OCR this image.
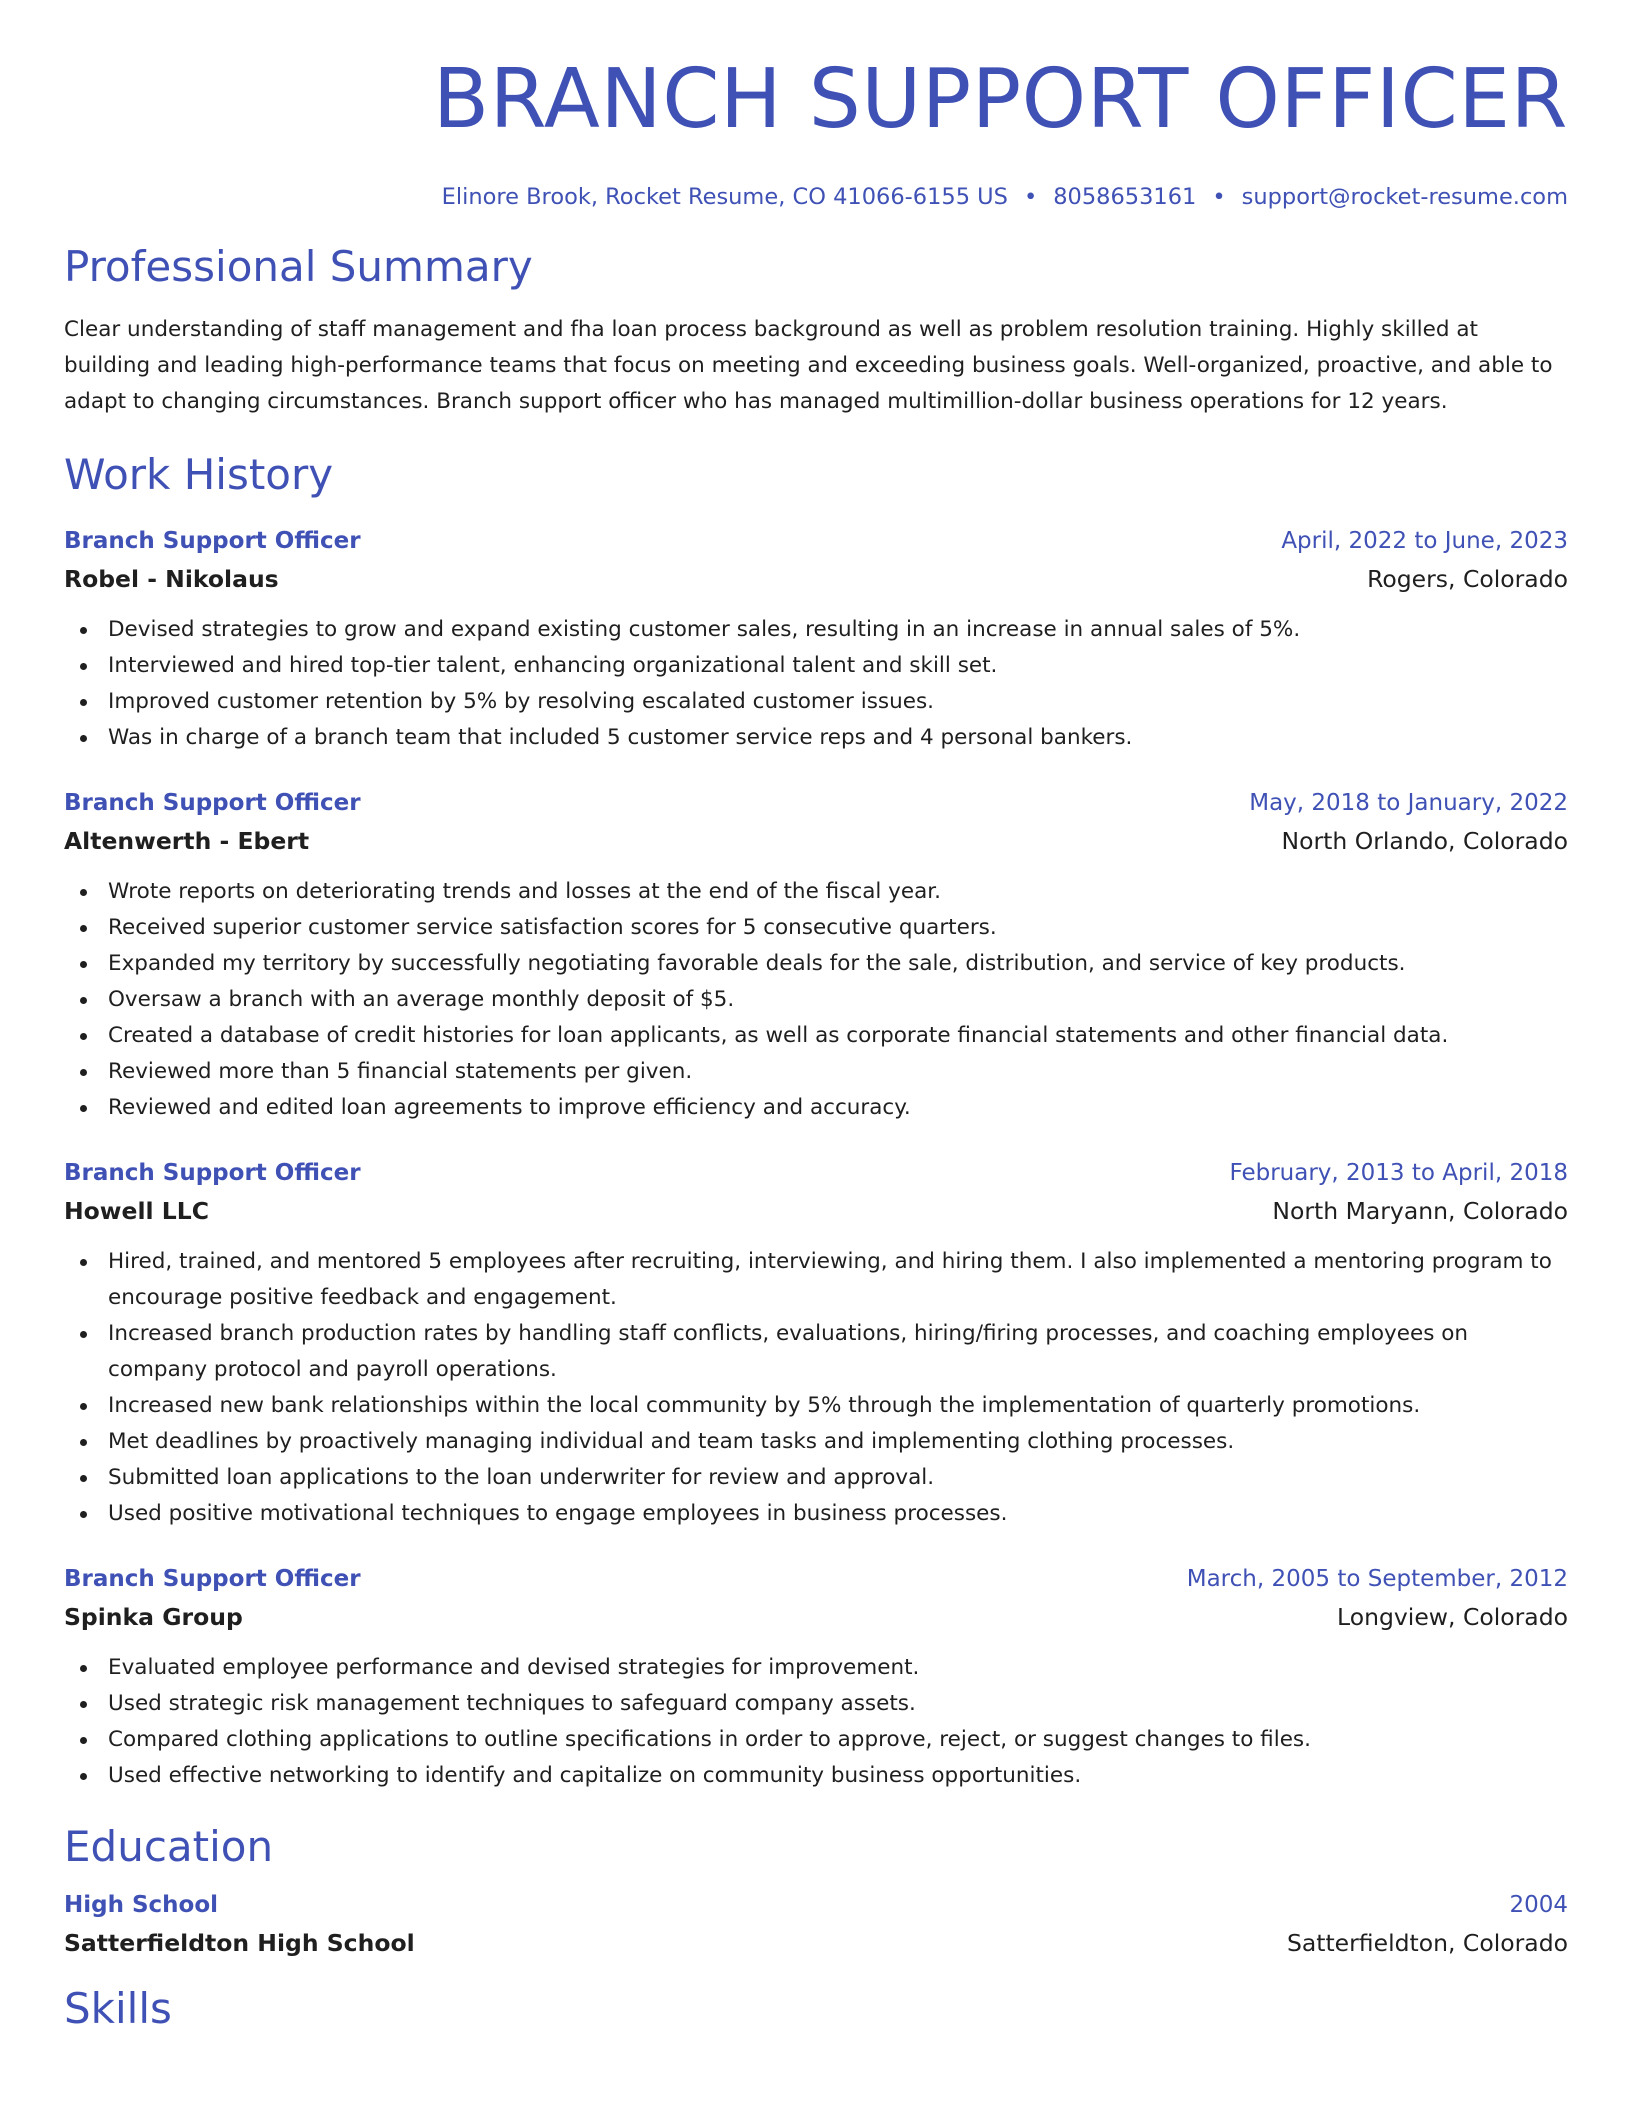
BRANCH SUPPORT OFFICER
Elinore Brook, Rocket Resume, CO 41066-6155 US • 8058653161 • support@rocket-resume.com
Professional Summary
Clear understanding of staff management and fha loan process background as well as problem resolution training. Highly skilled at building and leading high-performance teams that focus on meeting and exceeding business goals. Well-organized, proactive, and able to adapt to changing circumstances. Branch support officer who has managed multimillion-dollar business operations for 12 years.
Work History
Branch Support Officer	April, 2022 to June, 2023
Robel - Nikolaus	Rogers, Colorado
Devised strategies to grow and expand existing customer sales, resulting in an increase in annual sales of 5%.
Interviewed and hired top-tier talent, enhancing organizational talent and skill set.
Improved customer retention by 5% by resolving escalated customer issues.
Was in charge of a branch team that included 5 customer service reps and 4 personal bankers.
Branch Support Officer	May, 2018 to January, 2022
Altenwerth - Ebert	North Orlando, Colorado
Wrote reports on deteriorating trends and losses at the end of the fiscal year.
Received superior customer service satisfaction scores for 5 consecutive quarters.
Expanded my territory by successfully negotiating favorable deals for the sale, distribution, and service of key products.
Oversaw a branch with an average monthly deposit of $5.
Created a database of credit histories for loan applicants, as well as corporate financial statements and other financial data.
Reviewed more than 5 financial statements per given.
Reviewed and edited loan agreements to improve efficiency and accuracy.
Branch Support Officer	February, 2013 to April, 2018
Howell LLC	North Maryann, Colorado
Hired, trained, and mentored 5 employees after recruiting, interviewing, and hiring them. I also implemented a mentoring program to encourage positive feedback and engagement.
Increased branch production rates by handling staff conflicts, evaluations, hiring/firing processes, and coaching employees on company protocol and payroll operations.
Increased new bank relationships within the local community by 5% through the implementation of quarterly promotions.
Met deadlines by proactively managing individual and team tasks and implementing clothing processes.
Submitted loan applications to the loan underwriter for review and approval.
Used positive motivational techniques to engage employees in business processes.
Branch Support Officer	March, 2005 to September, 2012
Spinka Group	Longview, Colorado
Evaluated employee performance and devised strategies for improvement.
Used strategic risk management techniques to safeguard company assets.
Compared clothing applications to outline specifications in order to approve, reject, or suggest changes to files.
Used effective networking to identify and capitalize on community business opportunities.
Education
High School	2004
Satterfieldton High School	Satterfieldton, Colorado
Skills
